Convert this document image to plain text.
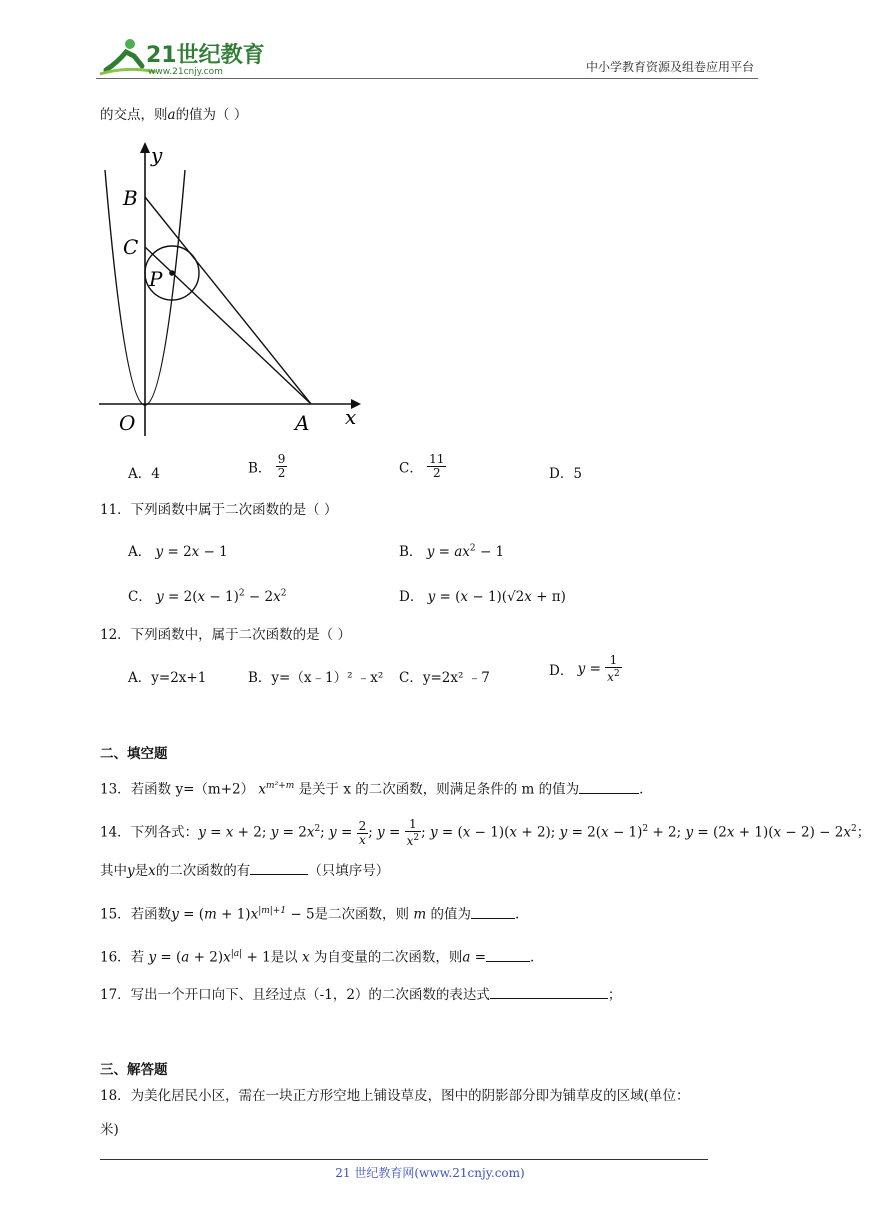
21世纪教育
www.21cnjy.com	中小学教育资源及组卷应用平台
的交点，则a的值为（ ）
y
x
B
C
P
O	A
A．4	B． $\frac{9}{2}$	C． $\frac{11}{2}$	D．5
11．下列函数中属于二次函数的是（ ）
A． y = 2x − 1	B． $y = ax^2 - 1$
C． $y = 2(x - 1)^2 - 2x^2$	D． y = (x − 1)(√2x + π)
12．下列函数中，属于二次函数的是（ ）
A．y=2x+1	B．y=（x﹣1）² ﹣x² C．y=2x² ﹣7	D． $y = \frac{1}{x^2}$
二、填空题
13．若函数 y=（m+2） $x^{m^2+m}$ 是关于 x 的二次函数，则满足条件的 m 的值为	.
14．下列各式：y = x + 2; $y = 2x^2$; $y = \frac{2}{x}$ ; $y = \frac{1}{x^2}$ ; y = (x − 1)(x + 2); $y = 2(x - 1)^2 + 2$; $y = (2x + 1)(x - 2) - 2x^2$；
其中y是x的二次函数的有	（只填序号）
15．若函数$y = (m + 1)x^{|m|+1} - 5$是二次函数，则 m 的值为	.
16．若 $y = (a + 2)x^{|a|} + 1$是以 x 为自变量的二次函数，则a =	.
17．写出一个开口向下、且经过点（-1，2）的二次函数的表达式	；
三、解答题
18．为美化居民小区，需在一块正方形空地上铺设草皮，图中的阴影部分即为铺草皮的区域(单位：
米)
21 世纪教育网(www.21cnjy.com)
